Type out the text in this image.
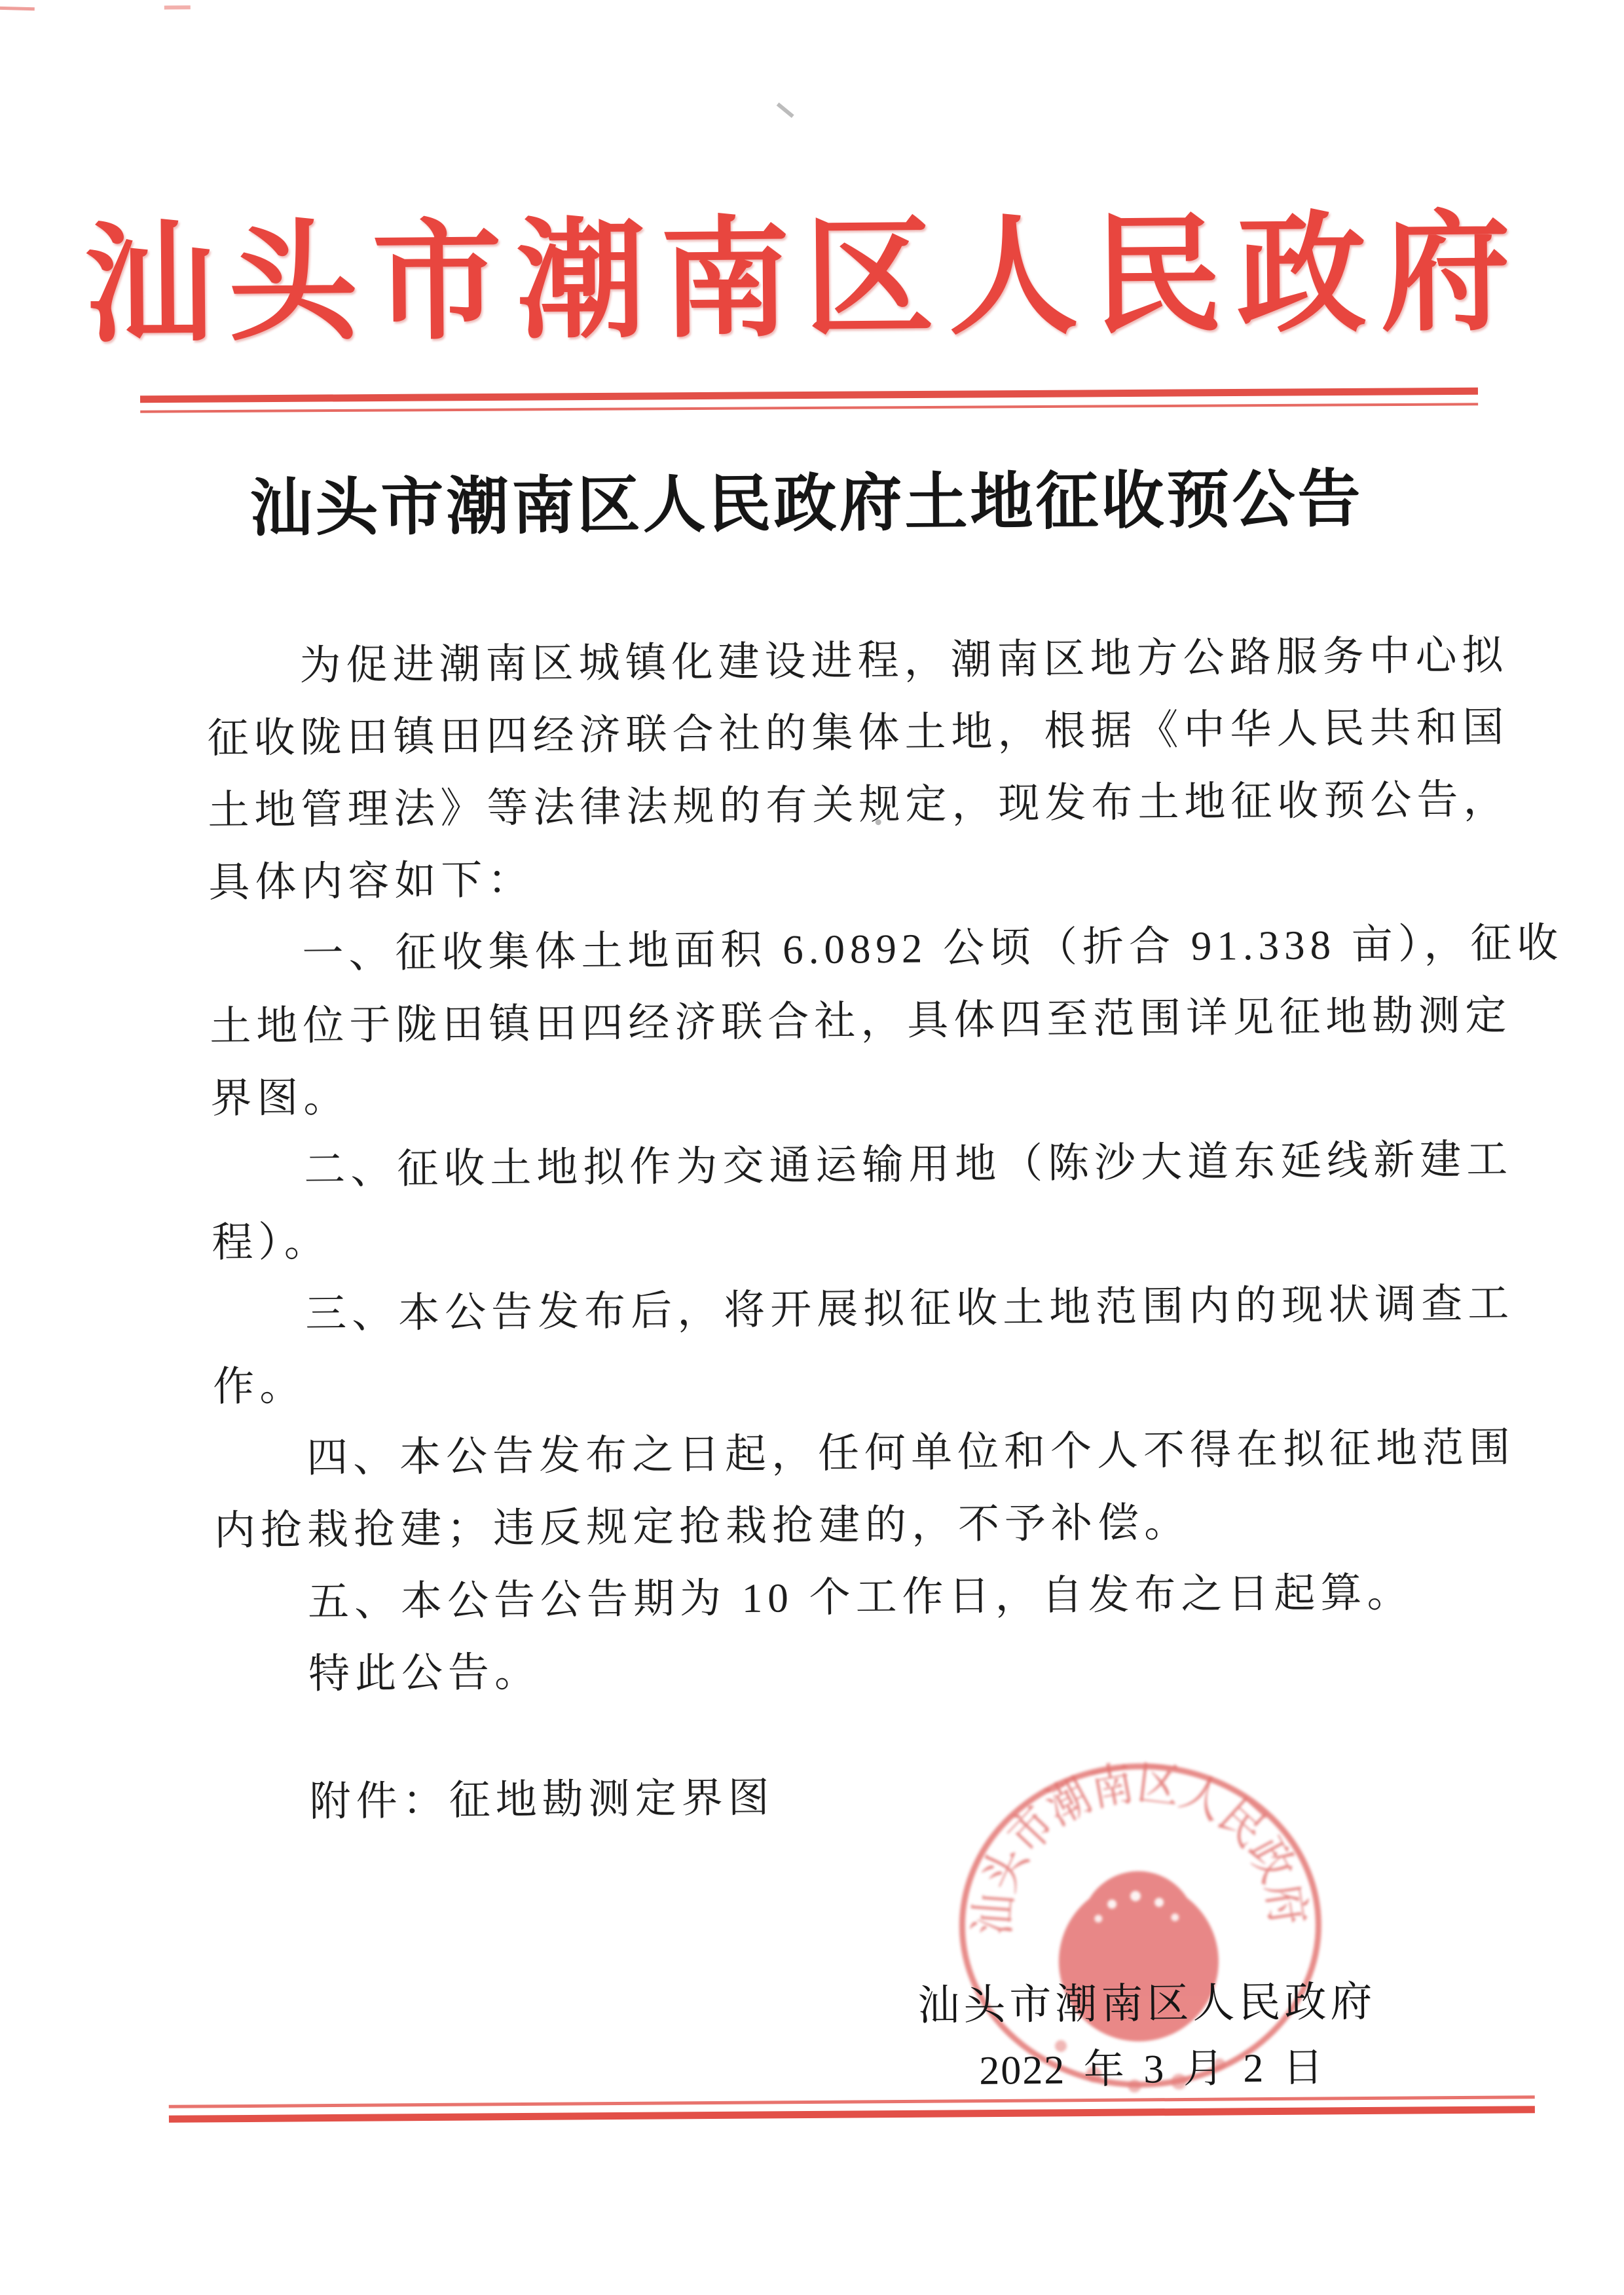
汕头市潮南区人民政府
汕头市潮南区人民政府土地征收预公告
为促进潮南区城镇化建设进程，潮南区地方公路服务中心拟
征收陇田镇田四经济联合社的集体土地，根据《中华人民共和国
土地管理法》等法律法规的有关规定，现发布土地征收预公告，
具体内容如下：
一、征收集体土地面积 6.0892 公顷（折合 91.338 亩），征收
土地位于陇田镇田四经济联合社，具体四至范围详见征地勘测定
界图。
二、征收土地拟作为交通运输用地（陈沙大道东延线新建工
程）。
三、本公告发布后，将开展拟征收土地范围内的现状调查工
作。
四、本公告发布之日起，任何单位和个人不得在拟征地范围
内抢栽抢建；违反规定抢栽抢建的，不予补偿。
五、本公告公告期为 10 个工作日，自发布之日起算。
特此公告。
附件：征地勘测定界图
汕头市潮南区人民政府
汕头市潮南区人民政府
2022 年 3 月 2 日
